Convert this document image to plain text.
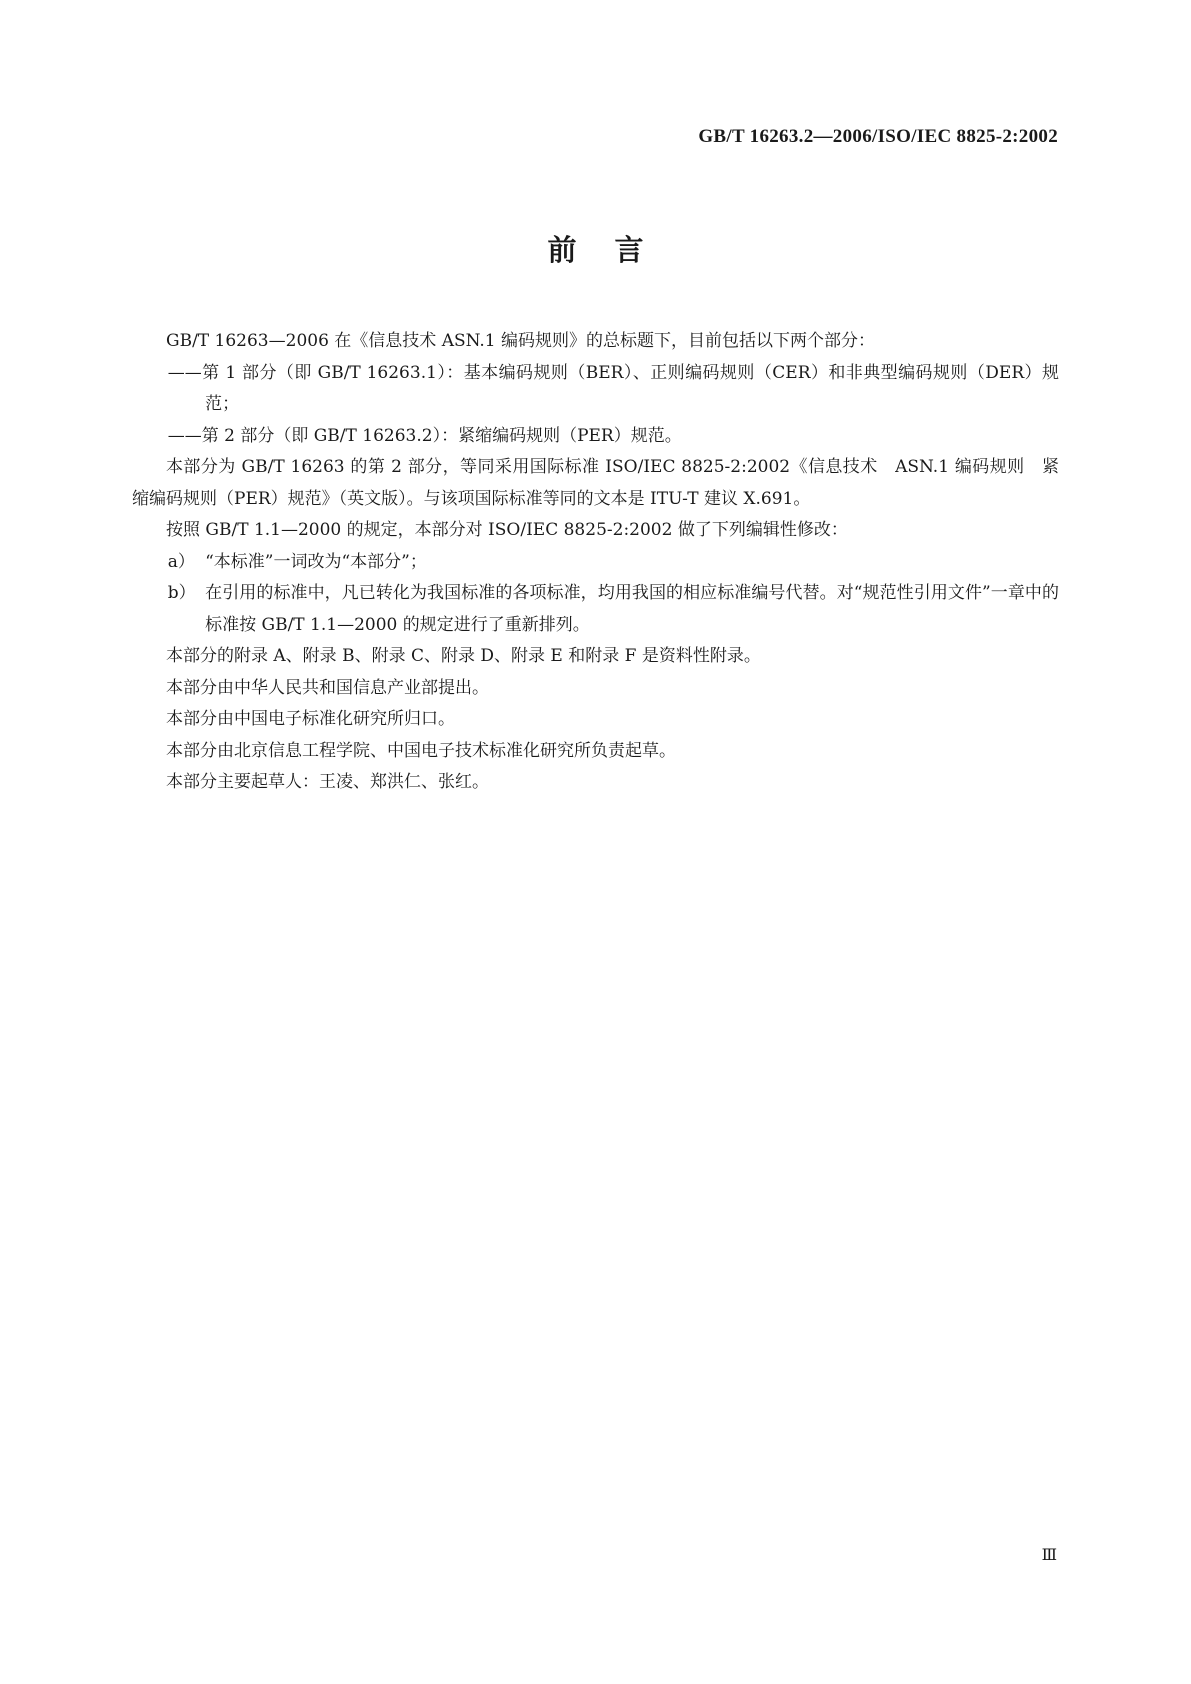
GB/T 16263.2—2006/ISO/IEC 8825-2:2002
前言

GB/T 16263—2006 在《信息技术 ASN.1 编码规则》的总标题下，目前包括以下两个部分：

——第 1 部分（即 GB/T 16263.1）：基本编码规则（BER）、正则编码规则（CER）和非典型编码规则（DER）规范；

——第 2 部分（即 GB/T 16263.2）：紧缩编码规则（PER）规范。

本部分为 GB/T 16263 的第 2 部分，等同采用国际标准 ISO/IEC 8825-2:2002《信息技术　ASN.1 编码规则　紧缩编码规则（PER）规范》（英文版）。与该项国际标准等同的文本是 ITU-T 建议 X.691。

按照 GB/T 1.1—2000 的规定，本部分对 ISO/IEC 8825-2:2002 做了下列编辑性修改：

a） “本标准”一词改为“本部分”；

b） 在引用的标准中，凡已转化为我国标准的各项标准，均用我国的相应标准编号代替。对“规范性引用文件”一章中的标准按 GB/T 1.1—2000 的规定进行了重新排列。

本部分的附录 A、附录 B、附录 C、附录 D、附录 E 和附录 F 是资料性附录。

本部分由中华人民共和国信息产业部提出。

本部分由中国电子标准化研究所归口。

本部分由北京信息工程学院、中国电子技术标准化研究所负责起草。

本部分主要起草人：王凌、郑洪仁、张红。

Ⅲ
